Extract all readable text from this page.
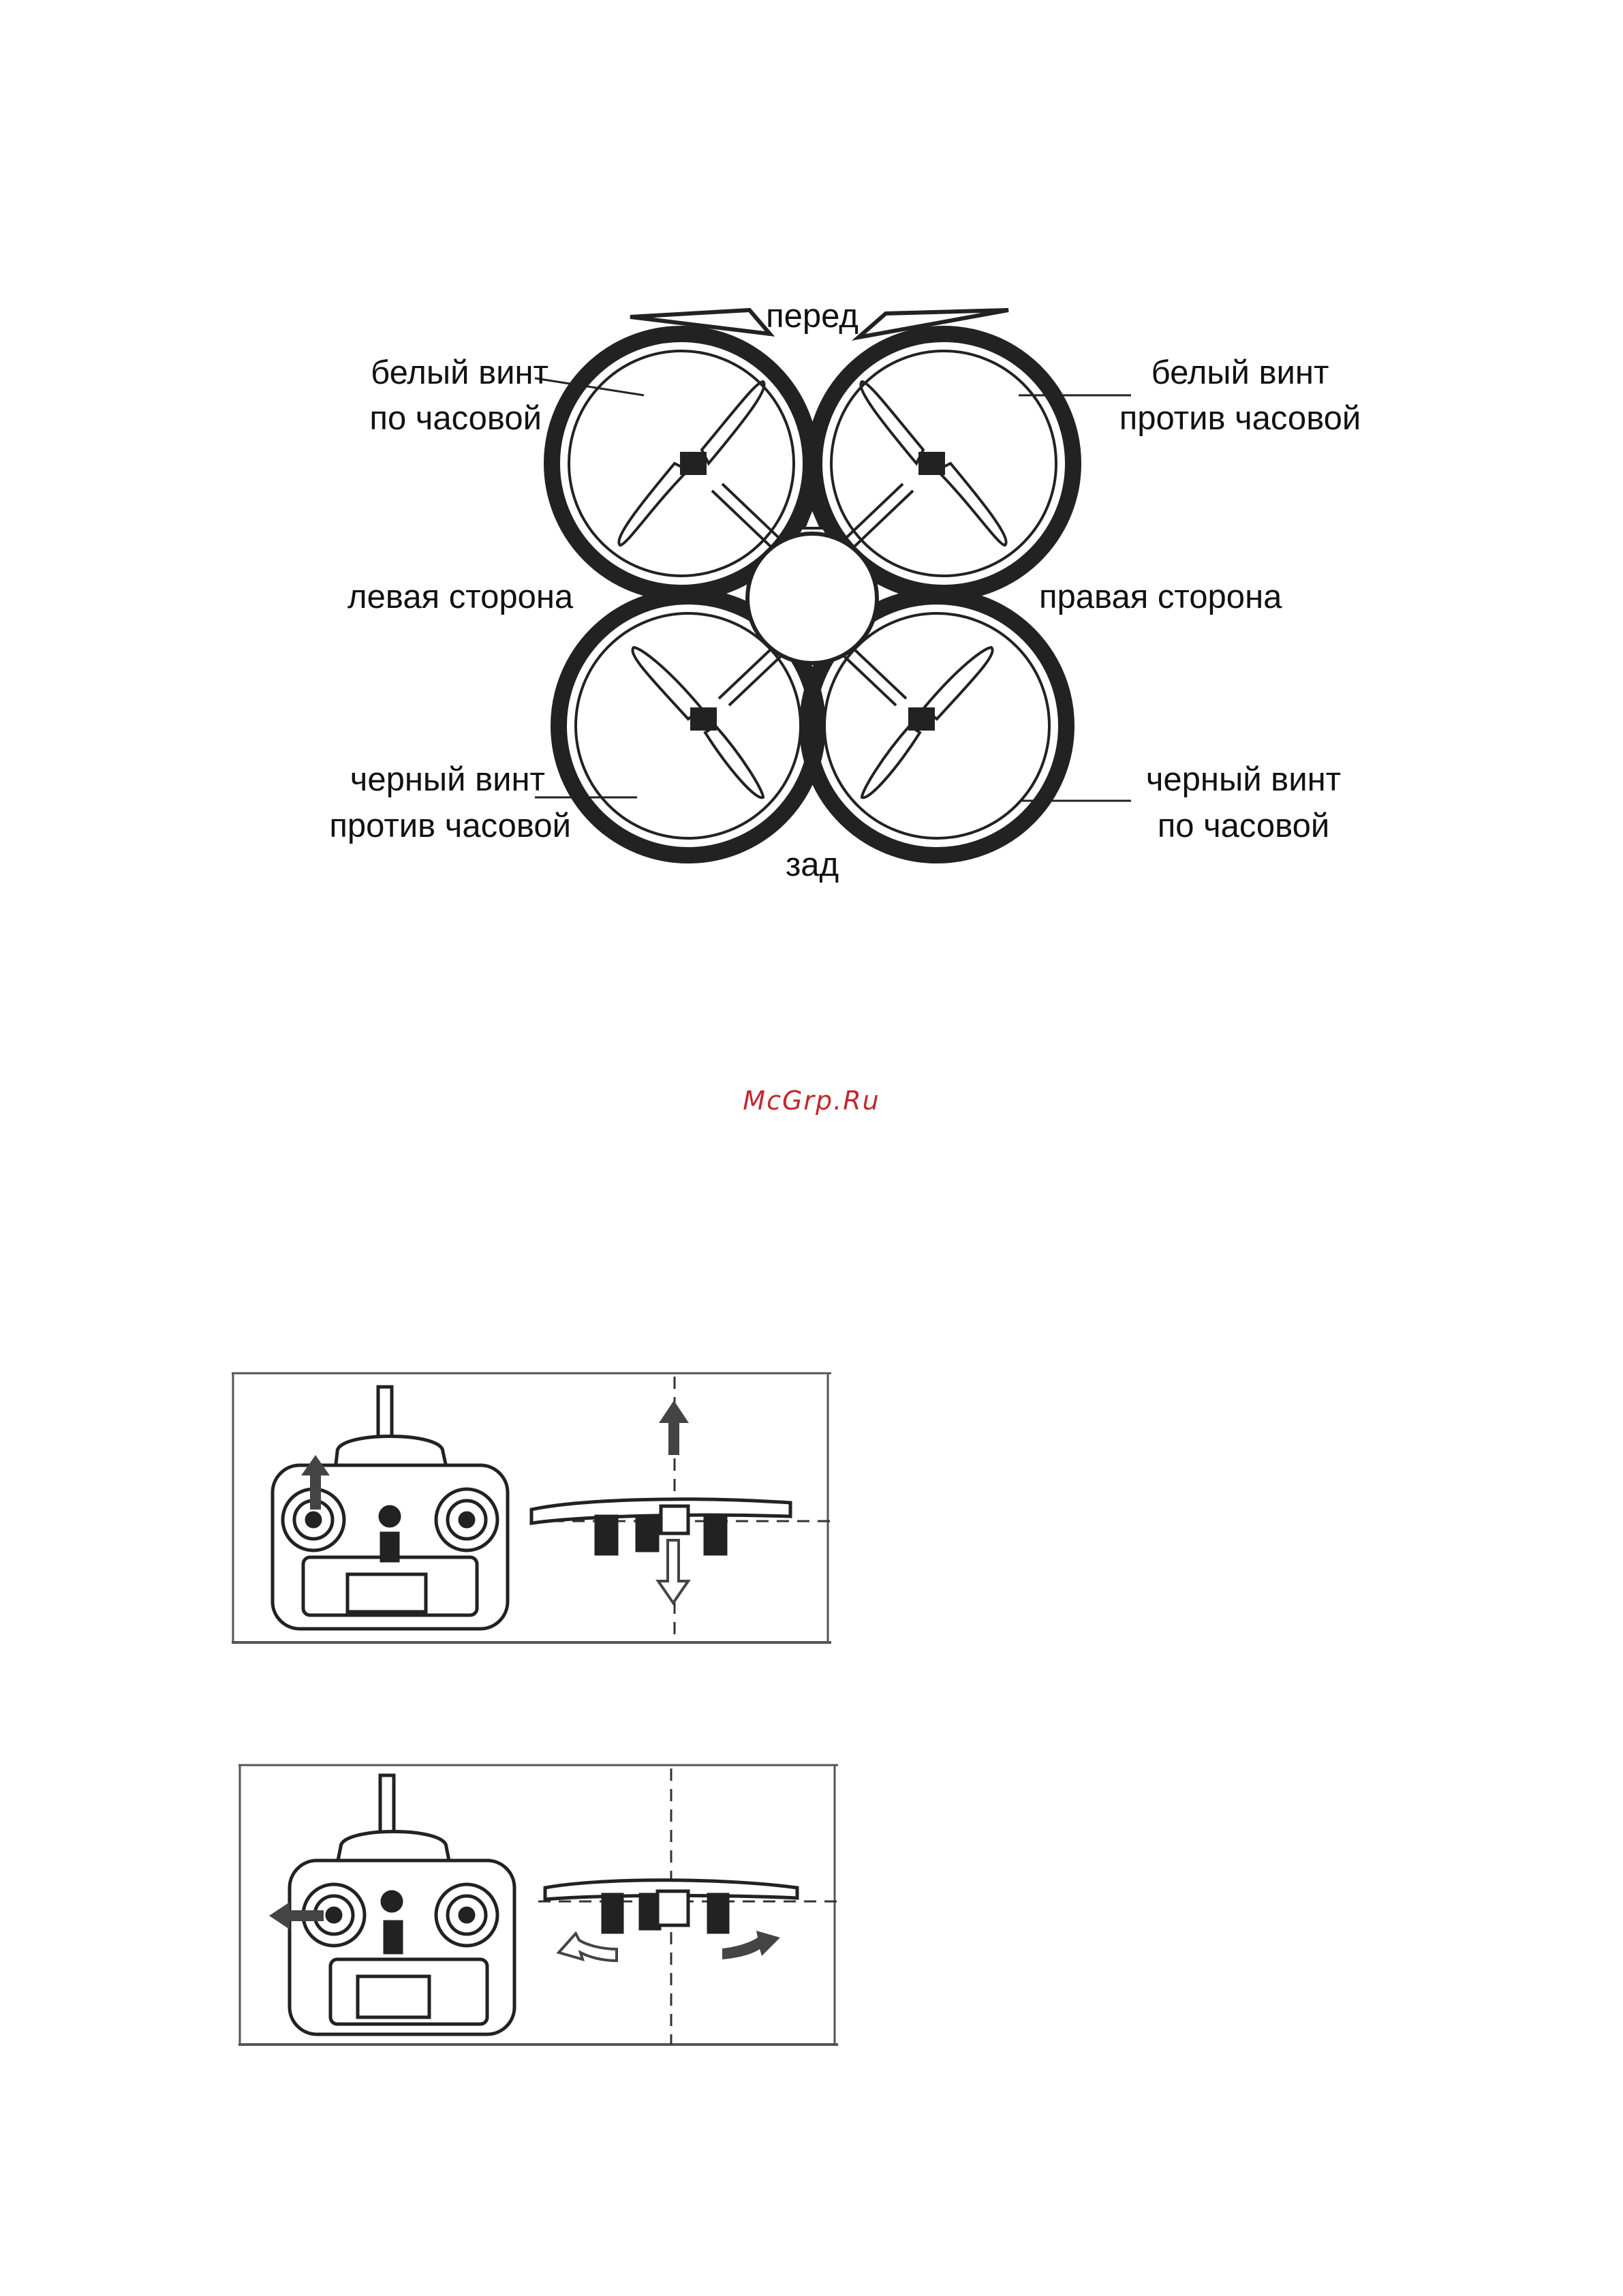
перед
белый винт
по часовой
белый винт
против часовой
левая сторона	правая сторона
черный винт
против часовой
черный винт
по часовой
зад
McGrp.Ru
